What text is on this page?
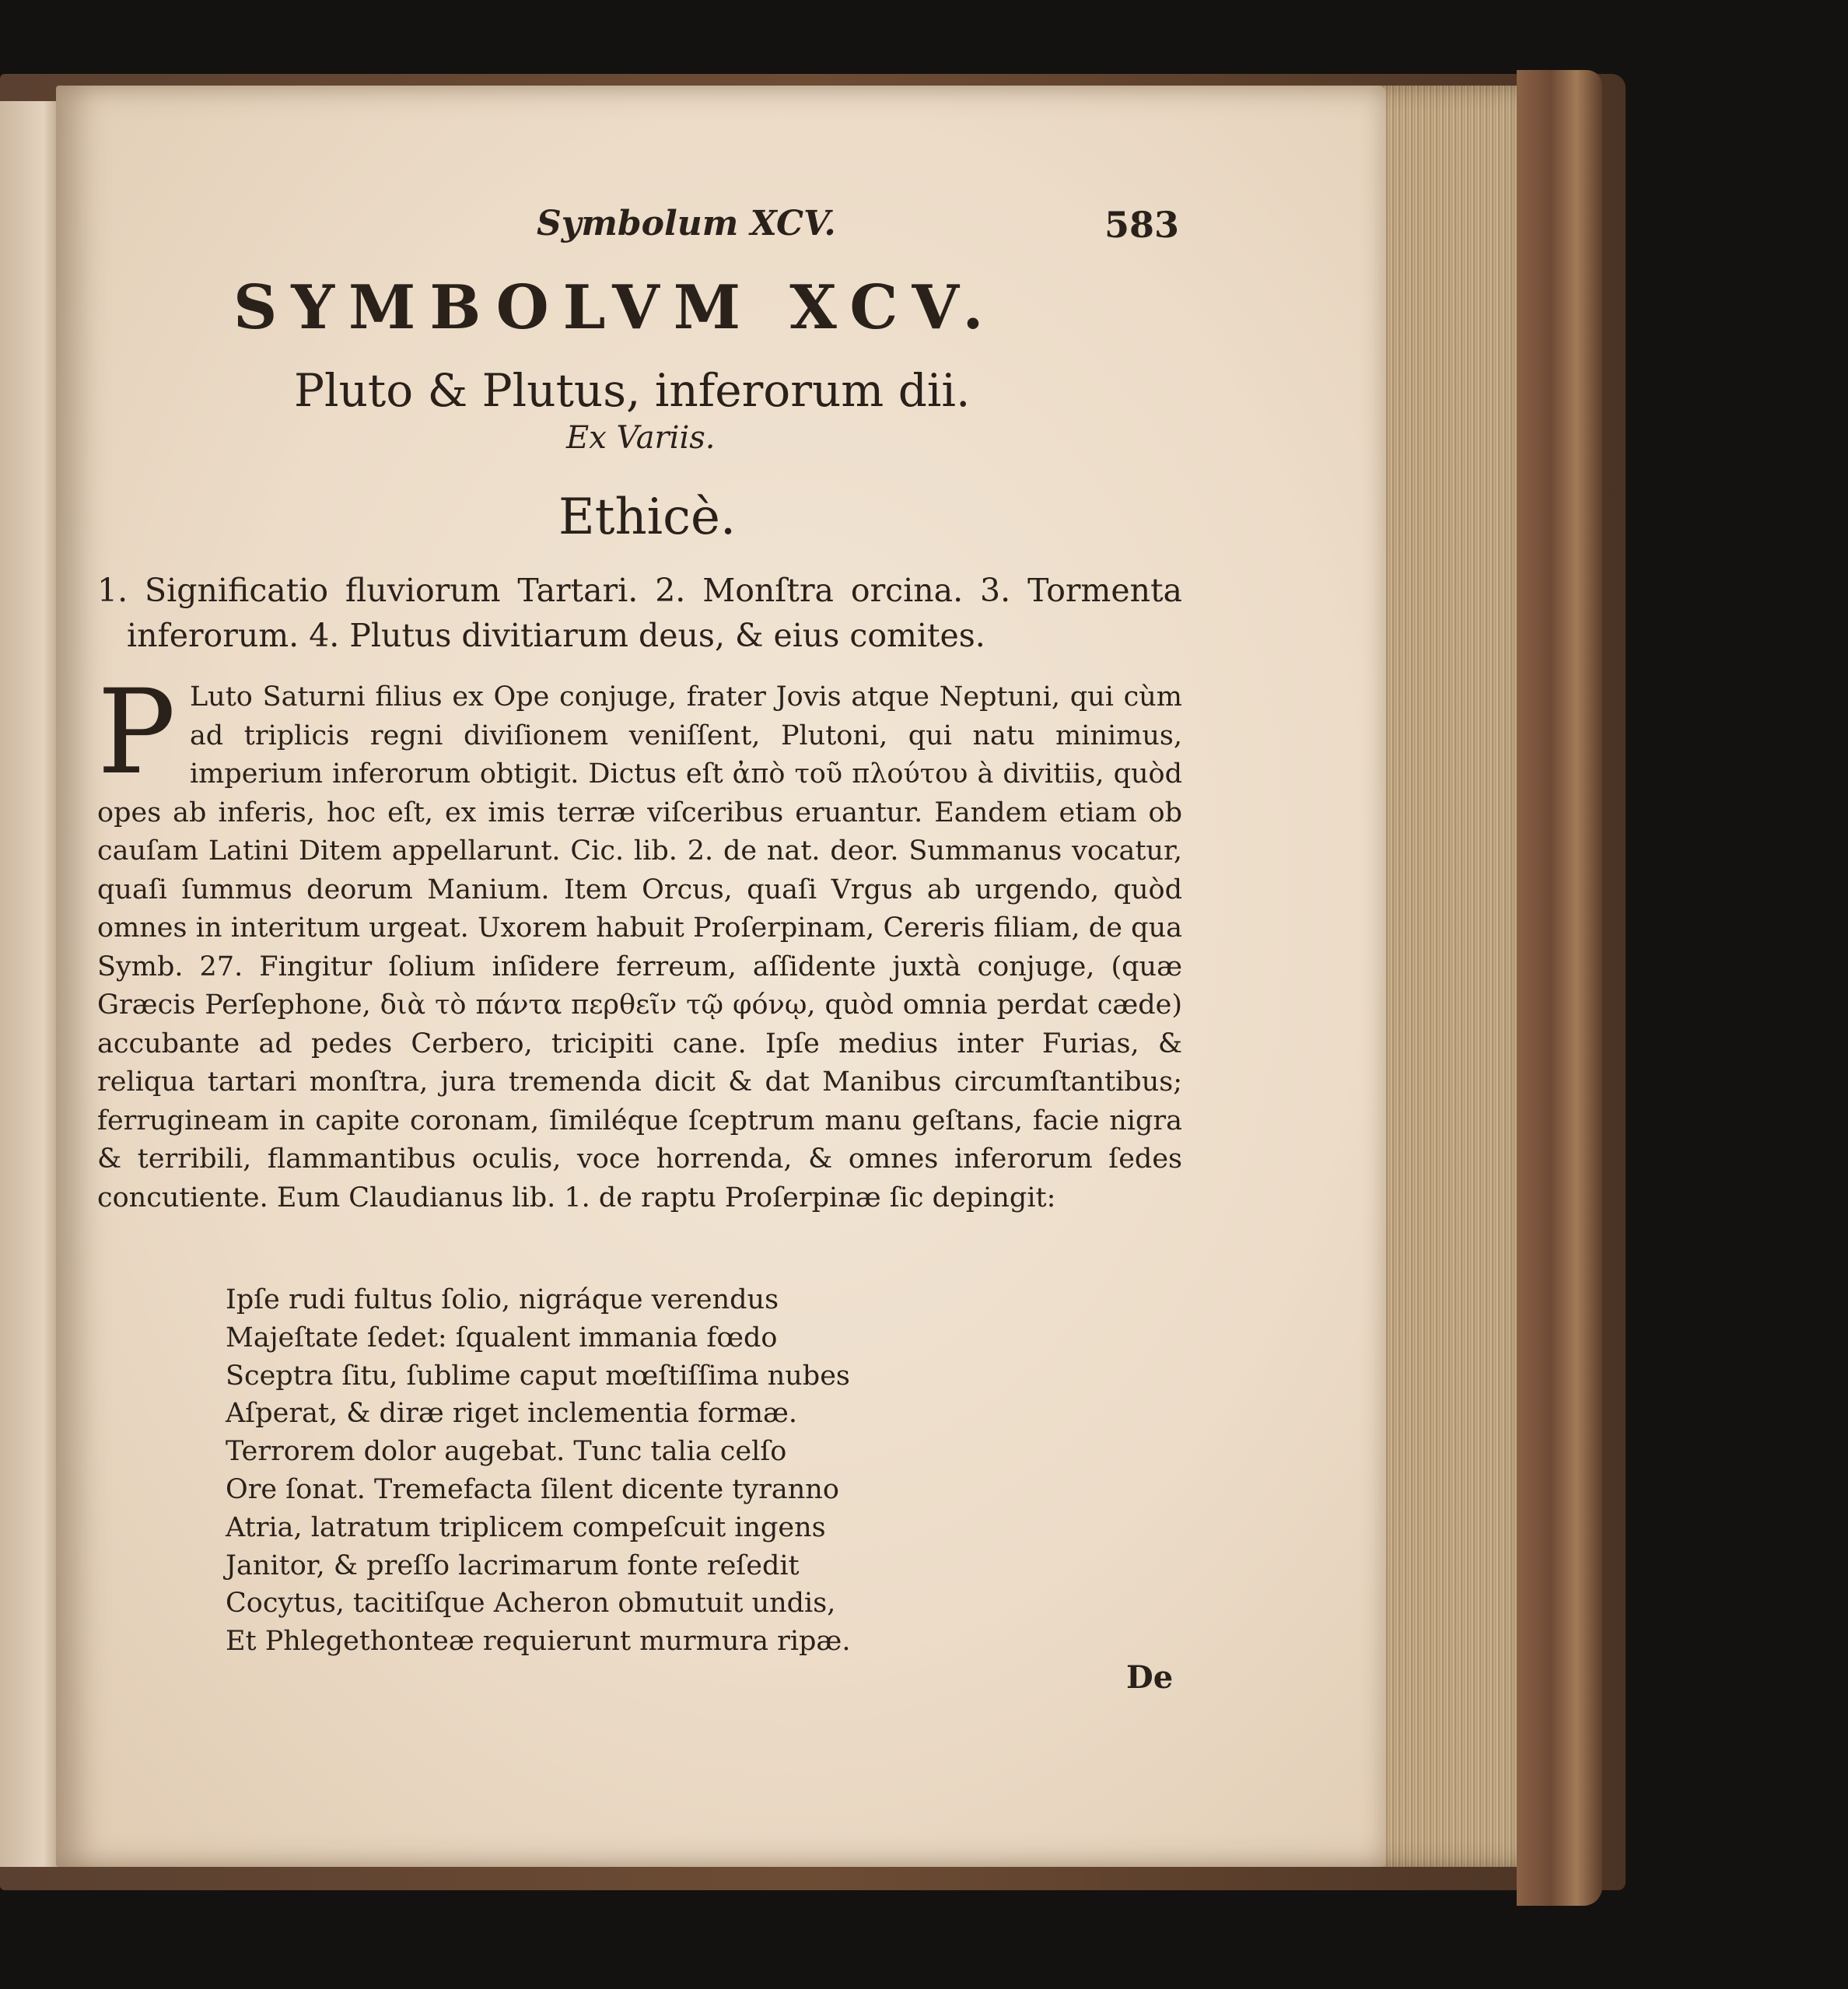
Symbolum XCV.	583
SYMBOLVM XCV.
Pluto & Plutus, inferorum dii.
Ex Variis.
Ethicè.
1. Significatio fluviorum Tartari. 2. Monſtra orcina. 3. Tormenta inferorum. 4. Plutus divitiarum deus, & eius comites.
P Luto Saturni filius ex Ope conjuge, frater Jovis atque Neptuni, qui cùm ad triplicis regni diviſionem veniſſent, Plutoni, qui natu minimus, imperium inferorum obtigit. Dictus eſt ἀπὸ τοῦ πλούτου à divitiis, quòd opes ab inferis, hoc eſt, ex imis terræ viſceribus eruantur. Eandem etiam ob cauſam Latini Ditem appellarunt. Cic. lib. 2. de nat. deor. Summanus vocatur, quaſi ſummus deorum Manium. Item Orcus, quaſi Vrgus ab urgendo, quòd omnes in interitum urgeat. Uxorem habuit Proſerpinam, Cereris filiam, de qua Symb. 27. Fingitur ſolium inſidere ferreum, aſſidente juxtà conjuge, (quæ Græcis Perſephone, διὰ τὸ πάντα περθεῖν τῷ φόνῳ, quòd omnia perdat cæde) accubante ad pedes Cerbero, tricipiti cane. Ipſe medius inter Furias, & reliqua tartari monſtra, jura tremenda dicit & dat Manibus circumſtantibus; ferrugineam in capite coronam, ſimiléque ſceptrum manu geſtans, facie nigra & terribili, flammantibus oculis, voce horrenda, & omnes inferorum ſedes concutiente. Eum Claudianus lib. 1. de raptu Proſerpinæ ſic depingit:
Ipſe rudi fultus ſolio, nigráque verendus
Majeſtate ſedet: ſqualent immania fœdo
Sceptra ſitu, ſublime caput mœſtiſſima nubes
Aſperat, & diræ riget inclementia formæ.
Terrorem dolor augebat. Tunc talia celſo
Ore ſonat. Tremefacta ſilent dicente tyranno
Atria, latratum triplicem compeſcuit ingens
Janitor, & preſſo lacrimarum fonte reſedit
Cocytus, tacitiſque Acheron obmutuit undis,
Et Phlegethonteæ requierunt murmura ripæ.
De
